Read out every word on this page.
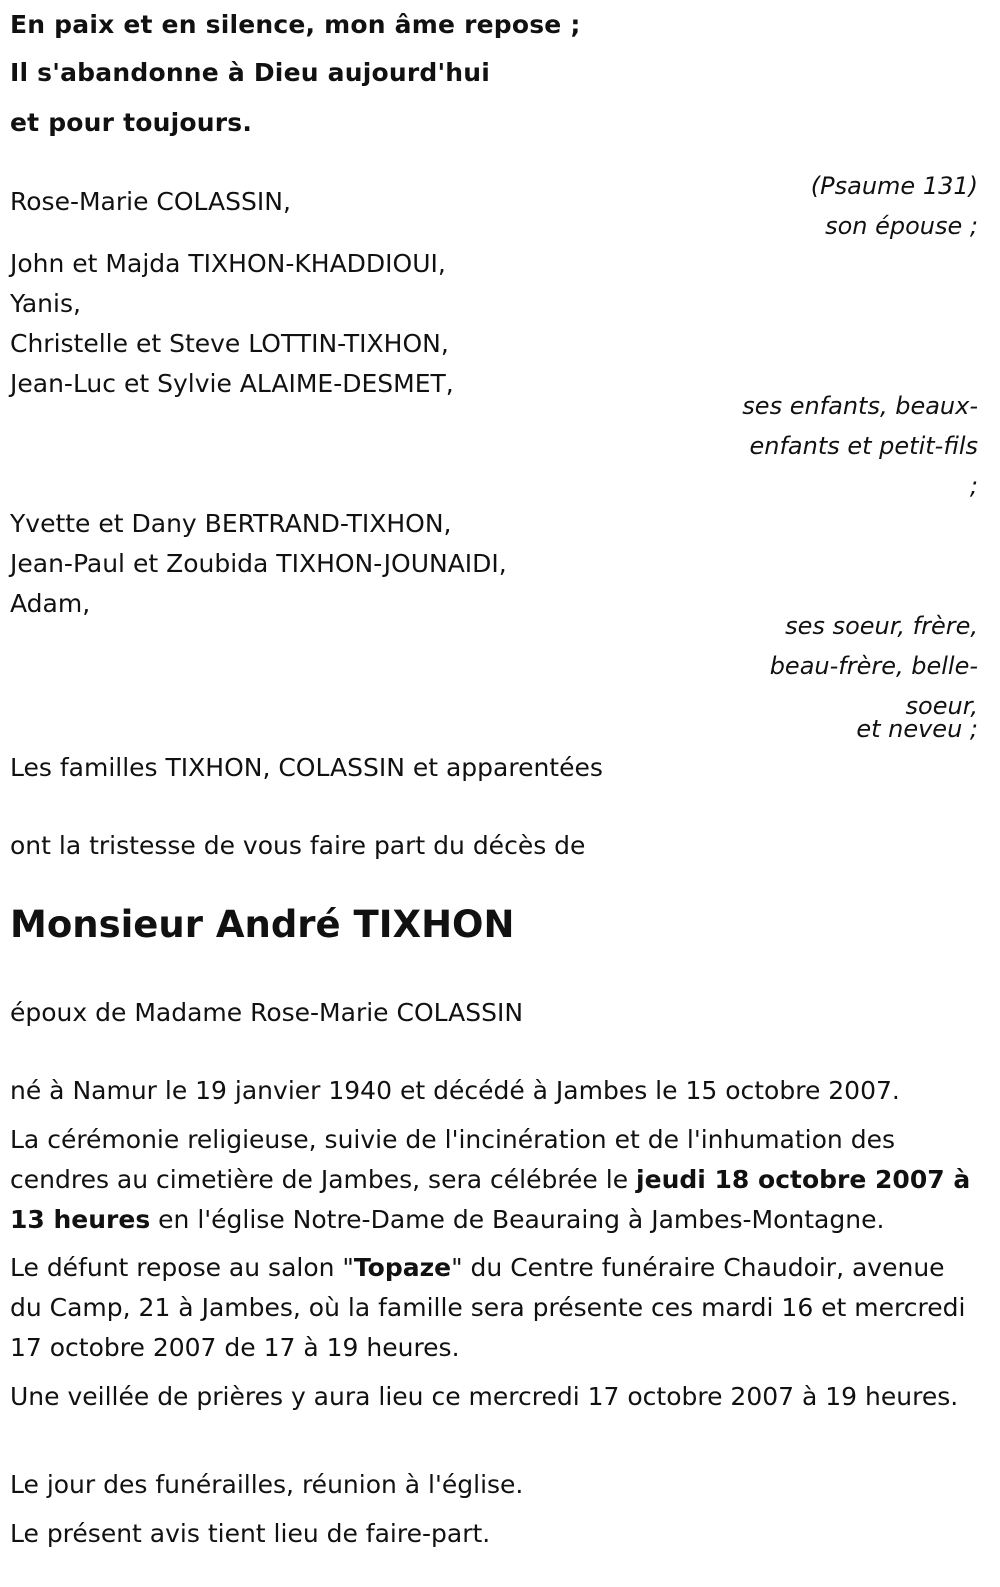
En paix et en silence, mon âme repose ;
Il s'abandonne à Dieu aujourd'hui
et pour toujours.
(Psaume 131)
Rose-Marie COLASSIN,
son épouse ;
John et Majda TIXHON-KHADDIOUI,
Yanis,
Christelle et Steve LOTTIN-TIXHON,
Jean-Luc et Sylvie ALAIME-DESMET,
ses enfants, beaux-
enfants et petit-fils
;
Yvette et Dany BERTRAND-TIXHON,
Jean-Paul et Zoubida TIXHON-JOUNAIDI,
Adam,
ses soeur, frère,
beau-frère, belle-
soeur,
et neveu ;
Les familles TIXHON, COLASSIN et apparentées
ont la tristesse de vous faire part du décès de
Monsieur André TIXHON
époux de Madame Rose-Marie COLASSIN
né à Namur le 19 janvier 1940 et décédé à Jambes le 15 octobre 2007.
La cérémonie religieuse, suivie de l'incinération et de l'inhumation des cendres au cimetière de Jambes, sera célébrée le jeudi 18 octobre 2007 à 13 heures en l'église Notre-Dame de Beauraing à Jambes-Montagne.
Le défunt repose au salon "Topaze" du Centre funéraire Chaudoir, avenue du Camp, 21 à Jambes, où la famille sera présente ces mardi 16 et mercredi 17 octobre 2007 de 17 à 19 heures.
Une veillée de prières y aura lieu ce mercredi 17 octobre 2007 à 19 heures.
Le jour des funérailles, réunion à l'église.
Le présent avis tient lieu de faire-part.
